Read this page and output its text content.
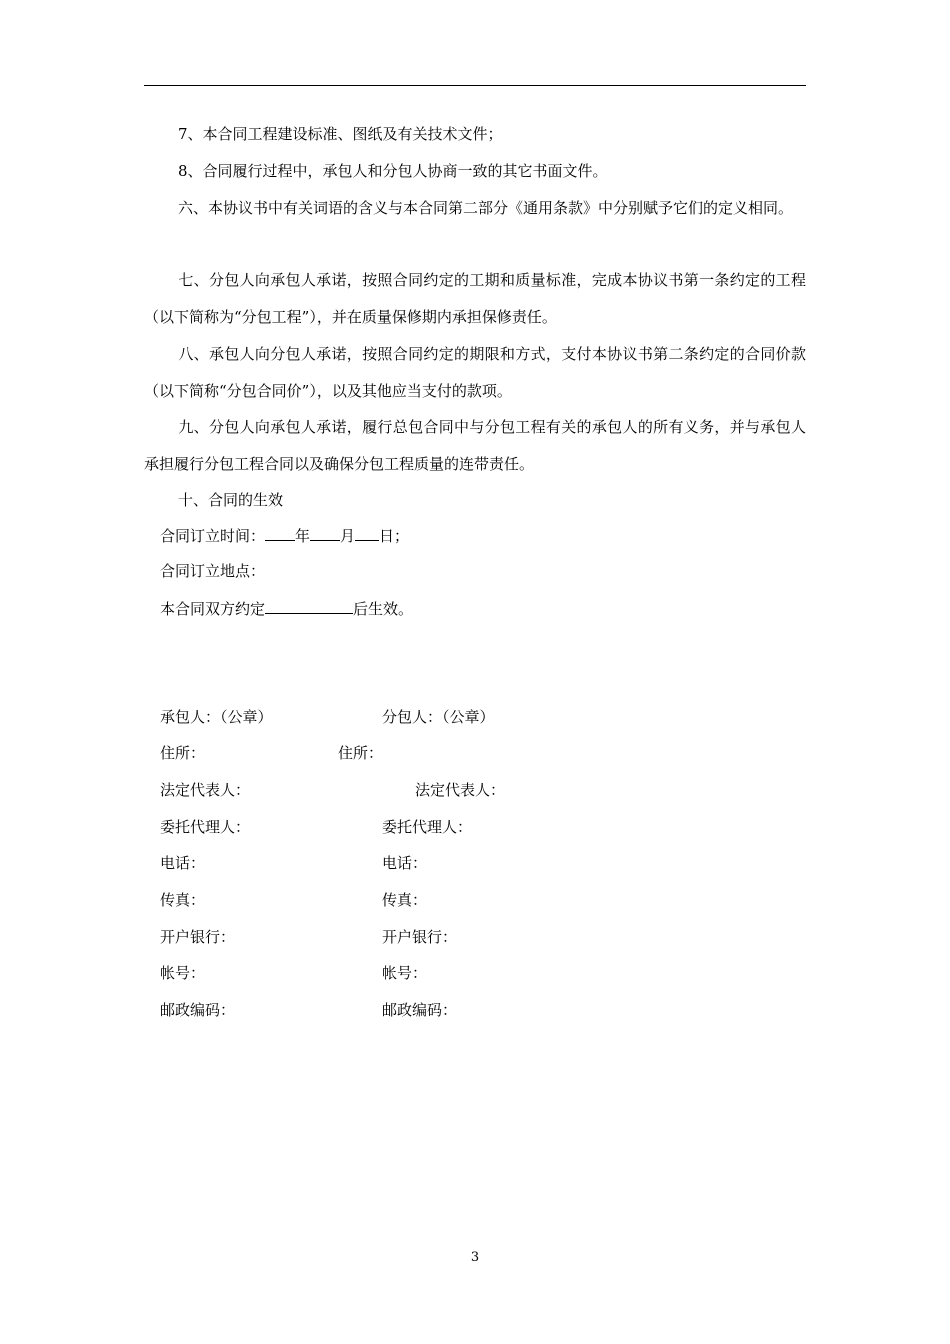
7、本合同工程建设标准、图纸及有关技术文件；
8、合同履行过程中，承包人和分包人协商一致的其它书面文件。
六、本协议书中有关词语的含义与本合同第二部分《通用条款》中分别赋予它们的定义相同。
七、分包人向承包人承诺，按照合同约定的工期和质量标准，完成本协议书第一条约定的工程（以下简称为“分包工程”），并在质量保修期内承担保修责任。
八、承包人向分包人承诺，按照合同约定的期限和方式，支付本协议书第二条约定的合同价款（以下简称“分包合同价”），以及其他应当支付的款项。
九、分包人向承包人承诺，履行总包合同中与分包工程有关的承包人的所有义务，并与承包人承担履行分包工程合同以及确保分包工程质量的连带责任。
十、合同的生效
合同订立时间： 年 月 日；
合同订立地点：
本合同双方约定	后生效。
承包人：（公章）	分包人：（公章）
住所：	住所：
法定代表人：	法定代表人：
委托代理人：	委托代理人：
电话：	电话：
传真：	传真：
开户银行：	开户银行：
帐号：	帐号：
邮政编码：	邮政编码：
3
